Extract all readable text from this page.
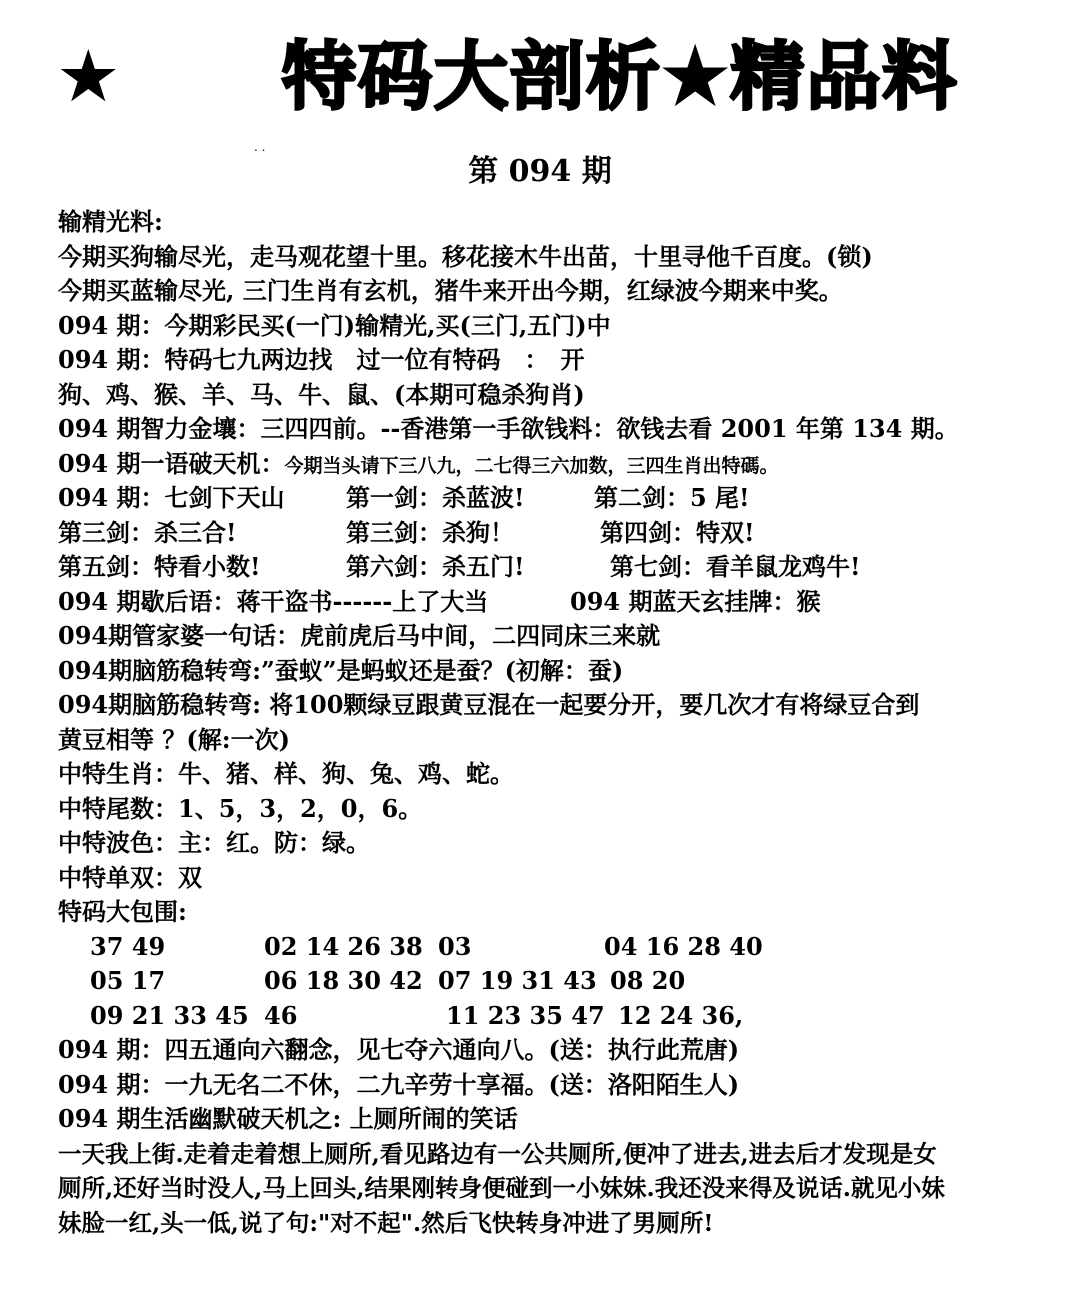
★ 特码大剖析★精品料
. .
第 094 期
输精光料:
今期买狗输尽光，走马观花望十里。移花接木牛出苗，十里寻他千百度。(锁)
今期买蓝输尽光, 三门生肖有玄机，猪牛来开出今期，红绿波今期来中奖。
094 期：今期彩民买(一门)输精光,买(三门,五门)中
094 期：特码七九两边找　过一位有特码　：　开
狗、鸡、猴、羊、马、牛、鼠、(本期可稳杀狗肖)
094 期智力金壤：三四四前。--香港第一手欲钱料：欲钱去看 2001 年第 134 期。
094 期一语破天机：今期当头请下三八九，二七得三六加数，三四生肖出特碼。
094 期：七剑下天山	第一剑：杀蓝波!	第二剑：5 尾!
第三剑：杀三合!	第三剑：杀狗！	第四剑：特双!
第五剑：特看小数!	第六剑：杀五门!	第七剑：看羊鼠龙鸡牛!
094 期歇后语：蒋干盗书------上了大当	094 期蓝天玄挂牌：猴
094期管家婆一句话：虎前虎后马中间，二四同床三来就
094期脑筋稳转弯:”蚕蚁”是蚂蚁还是蚕？(初解：蚕)
094期脑筋稳转弯: 将100颗绿豆跟黄豆混在一起要分开，要几次才有将绿豆合到
黄豆相等 ？(解:一次)
中特生肖：牛、猪、样、狗、兔、鸡、蛇。
中特尾数：1、5，3，2，0，6。
中特波色：主：红。防：绿。
中特单双：双
特码大包围:
37 49	02 14 26 38 03	04 16 28 40
05 17	06 18 30 42 07 19 31 43 08 20
09 21 33 45 46	11 23 35 47 12 24 36,
094 期：四五通向六翻念，见七夺六通向八。(送：执行此荒唐)
094 期：一九无名二不休，二九辛劳十享福。(送：洛阳陌生人)
094 期生活幽默破天机之: 上厕所闹的笑话
一天我上街.走着走着想上厕所,看见路边有一公共厕所,便冲了进去,进去后才发现是女
厕所,还好当时没人,马上回头,结果刚转身便碰到一小妹妹.我还没来得及说话.就见小妹
妹脸一红,头一低,说了句:"对不起".然后飞快转身冲进了男厕所!
